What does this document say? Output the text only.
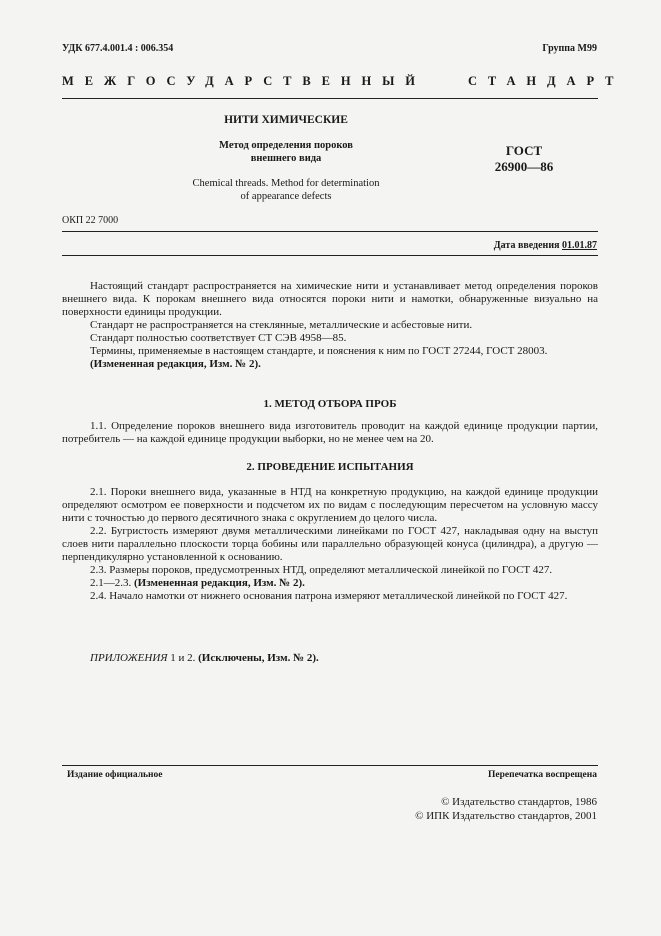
УДК 677.4.001.4 : 006.354	Группа М99
МЕЖГОСУДАРСТВЕННЫЙ   СТАНДАРТ
НИТИ ХИМИЧЕСКИЕ
Метод определения пороков
внешнего вида
Chemical threads. Method for determination
of appearance defects
ГОСТ
26900—86
ОКП 22 7000
Дата введения 01.01.87

Настоящий стандарт распространяется на химические нити и устанавливает метод определения пороков внешнего вида. К порокам внешнего вида относятся пороки нити и намотки, обнаруженные визуально на поверхности единицы продукции.

Стандарт не распространяется на стеклянные, металлические и асбестовые нити.

Стандарт полностью соответствует СТ СЭВ 4958—85.

Термины, применяемые в настоящем стандарте, и пояснения к ним по ГОСТ 27244, ГОСТ 28003.

(Измененная редакция, Изм. № 2).

1. МЕТОД ОТБОРА ПРОБ

1.1. Определение пороков внешнего вида изготовитель проводит на каждой единице продукции партии, потребитель — на каждой единице продукции выборки, но не менее чем на 20.

2. ПРОВЕДЕНИЕ ИСПЫТАНИЯ

2.1. Пороки внешнего вида, указанные в НТД на конкретную продукцию, на каждой единице продукции определяют осмотром ее поверхности и подсчетом их по видам с последующим пересчетом на условную массу нити с точностью до первого десятичного знака с округлением до целого числа.

2.2. Бугристость измеряют двумя металлическими линейками по ГОСТ 427, накладывая одну на выступ слоев нити параллельно плоскости торца бобины или параллельно образующей конуса (цилиндра), а другую — перпендикулярно установленной к основанию.

2.3. Размеры пороков, предусмотренных НТД, определяют металлической линейкой по ГОСТ 427.

2.1—2.3. (Измененная редакция, Изм. № 2).

2.4. Начало намотки от нижнего основания патрона измеряют металлической линейкой по ГОСТ 427.

ПРИЛОЖЕНИЯ 1 и 2. (Исключены, Изм. № 2).

Издание официальное	Перепечатка воспрещена
© Издательство стандартов, 1986
© ИПК Издательство стандартов, 2001
